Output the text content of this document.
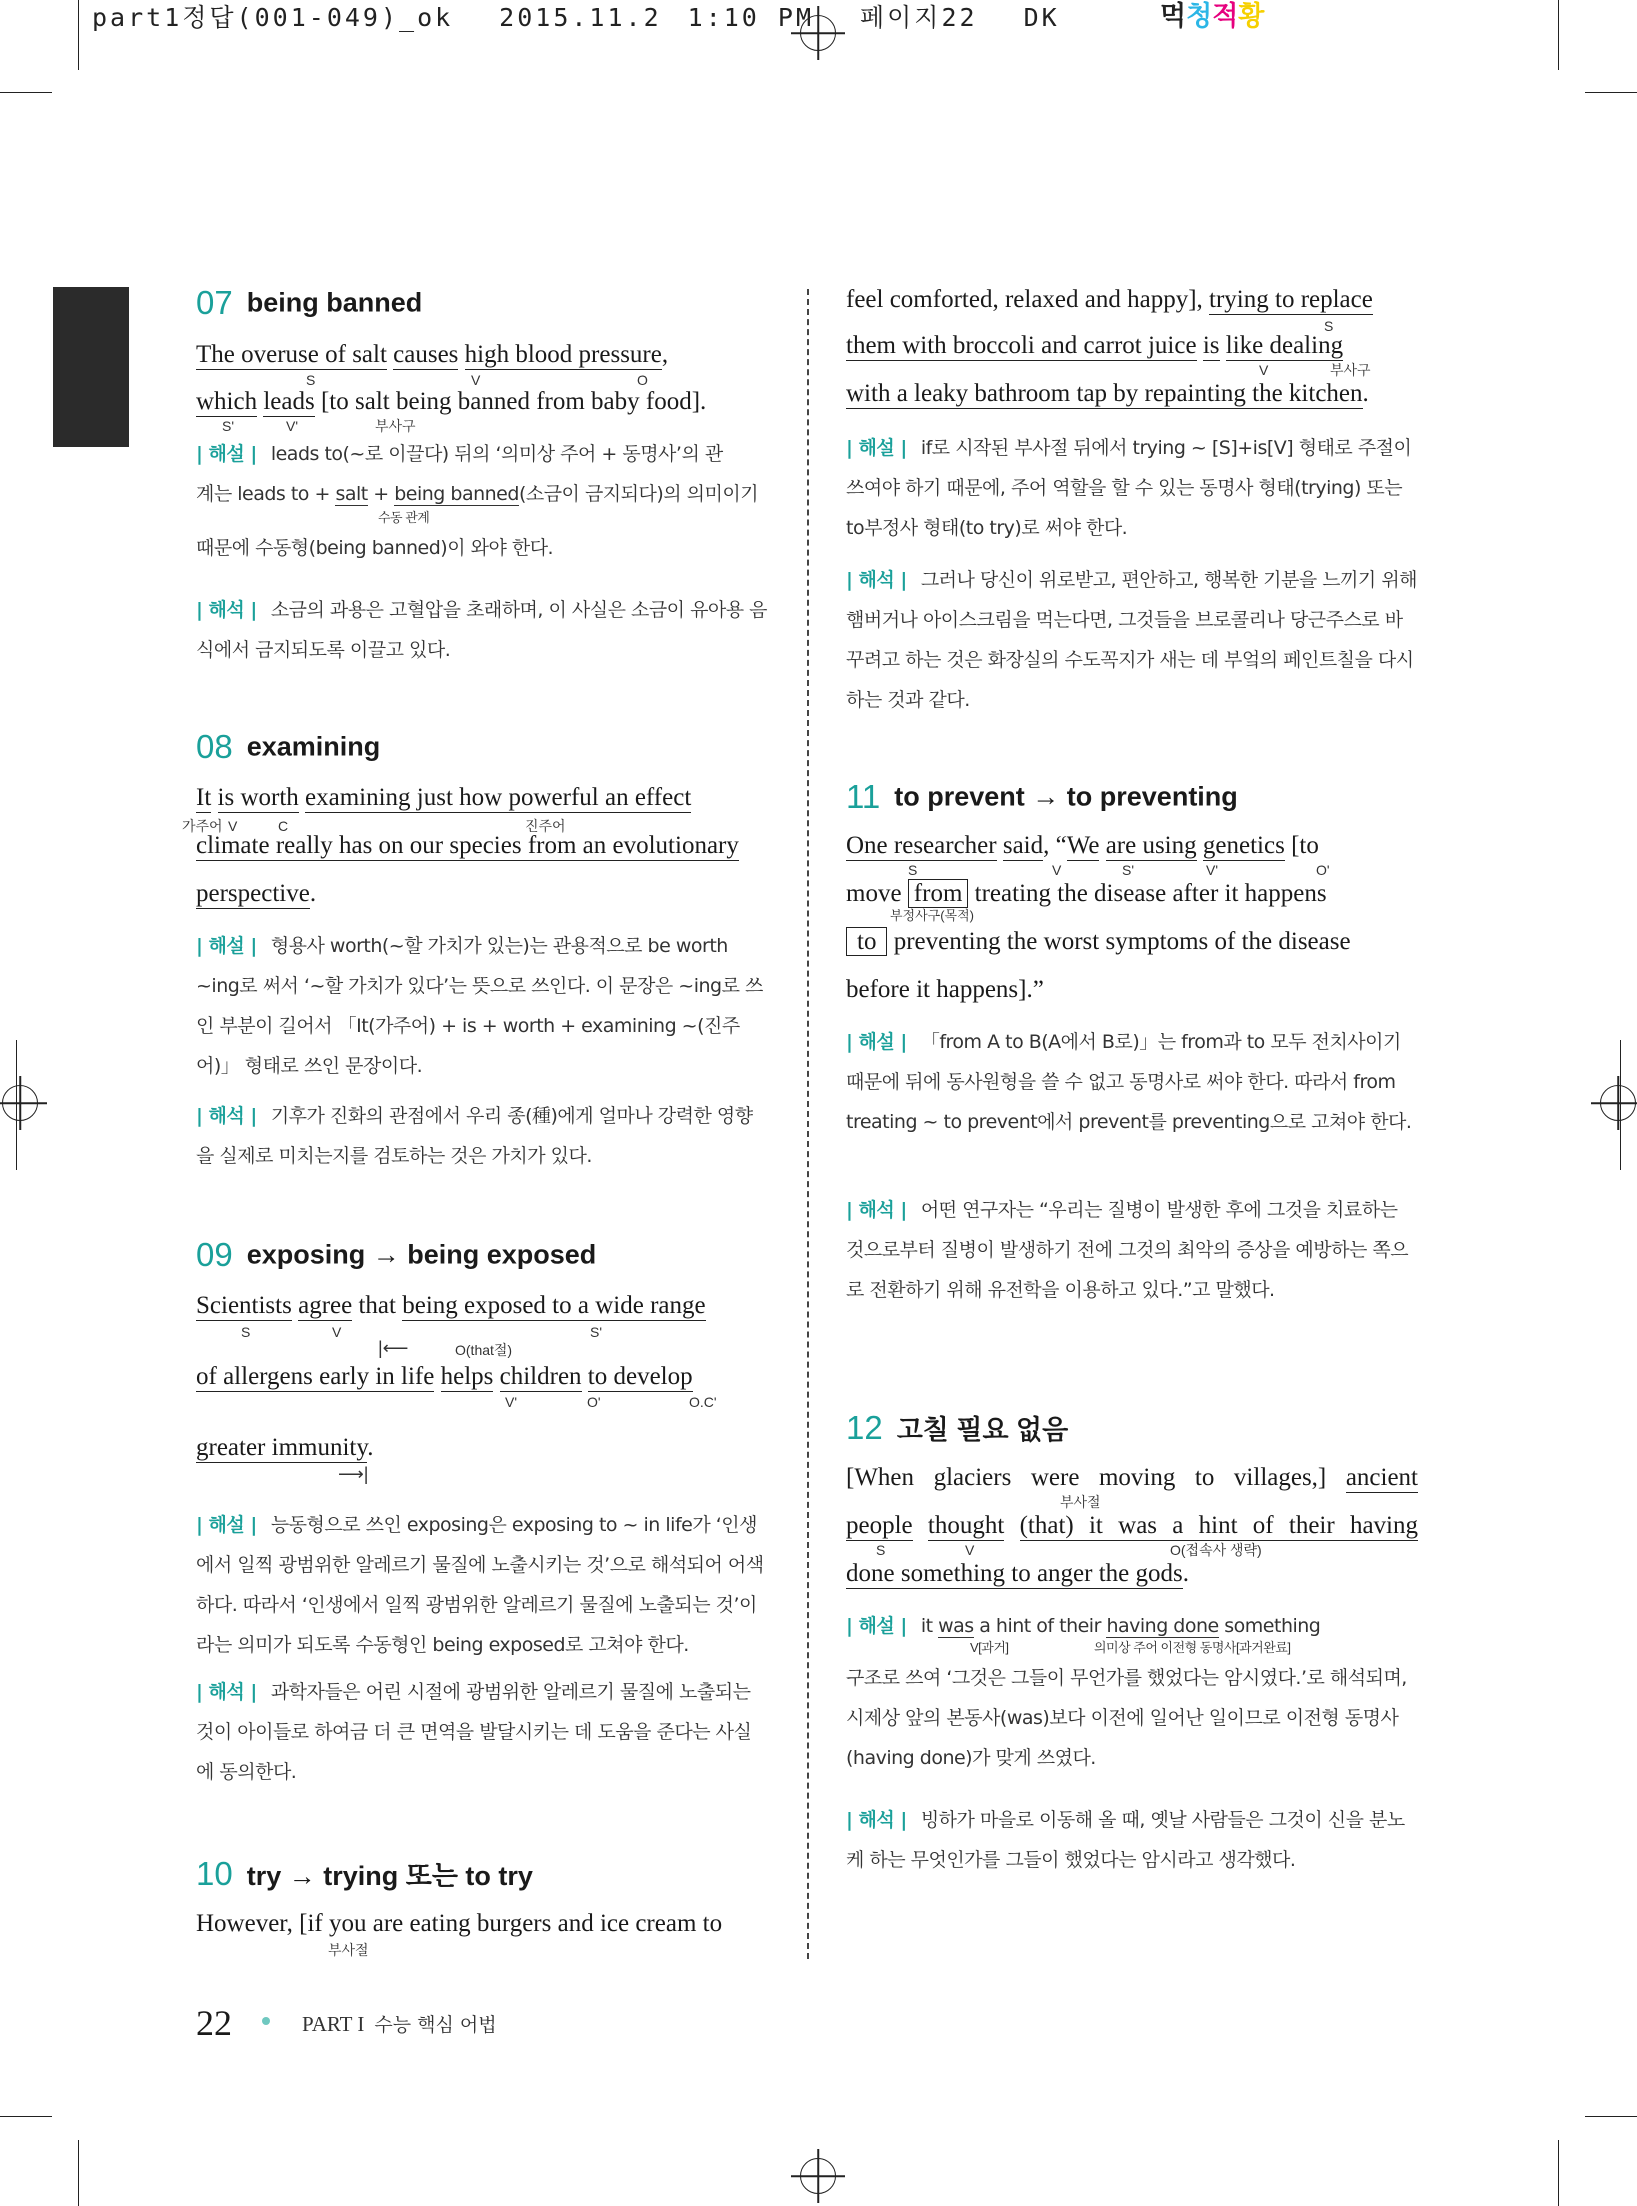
part1정답(001-049)_ok 2015.11.2 1:10 PM 페이지22 DK	먹청적황
07 being banned
The overuse of salt causes high blood pressure,
S	V	O
which leads [to salt being banned from baby food].
S'	V'	부사구
| 해설 | leads to(~로 이끌다) 뒤의 ‘의미상 주어 + 동명사’의 관
계는 leads to + salt + being banned(소금이 금지되다)의 의미이기
수동 관계
때문에 수동형(being banned)이 와야 한다.
| 해석 | 소금의 과용은 고혈압을 초래하며, 이 사실은 소금이 유아용 음식에서 금지되도록 이끌고 있다.
08 examining
It is worth examining just how powerful an effect
가주어 V	C	진주어
climate really has on our species from an evolutionary
perspective.
| 해설 | 형용사 worth(~할 가치가 있는)는 관용적으로 be worth ~ing로 써서 ‘~할 가치가 있다’는 뜻으로 쓰인다. 이 문장은 ~ing로 쓰인 부분이 길어서 「It(가주어) + is + worth + examining ~(진주어)」 형태로 쓰인 문장이다.
| 해석 | 기후가 진화의 관점에서 우리 종(種)에게 얼마나 강력한 영향을 실제로 미치는지를 검토하는 것은 가치가 있다.
09 exposing → being exposed
Scientists agree that being exposed to a wide range
S	V	S'
|⟵	O(that절)
of allergens early in life helps children to develop
V'	O'	O.C'
greater immunity.
⟶|
| 해설 | 능동형으로 쓰인 exposing은 exposing to ~ in life가 ‘인생에서 일찍 광범위한 알레르기 물질에 노출시키는 것’으로 해석되어 어색하다. 따라서 ‘인생에서 일찍 광범위한 알레르기 물질에 노출되는 것’이라는 의미가 되도록 수동형인 being exposed로 고쳐야 한다.
| 해석 | 과학자들은 어린 시절에 광범위한 알레르기 물질에 노출되는 것이 아이들로 하여금 더 큰 면역을 발달시키는 데 도움을 준다는 사실에 동의한다.
10 try → trying 또는 to try
However, [if you are eating burgers and ice cream to
부사절
feel comforted, relaxed and happy], trying to replace
S
them with broccoli and carrot juice is like dealing
V	부사구
with a leaky bathroom tap by repainting the kitchen.
| 해설 | if로 시작된 부사절 뒤에서 trying ~ [S]+is[V] 형태로 주절이 쓰여야 하기 때문에, 주어 역할을 할 수 있는 동명사 형태(trying) 또는 to부정사 형태(to try)로 써야 한다.
| 해석 | 그러나 당신이 위로받고, 편안하고, 행복한 기분을 느끼기 위해 햄버거나 아이스크림을 먹는다면, 그것들을 브로콜리나 당근주스로 바꾸려고 하는 것은 화장실의 수도꼭지가 새는 데 부엌의 페인트칠을 다시 하는 것과 같다.
11 to prevent → to preventing
One researcher said, “We are using genetics [to
S	V	S'	V'	O'
move from treating the disease after it happens
부정사구(목적)
to preventing the worst symptoms of the disease
before it happens].”
| 해설 | 「from A to B(A에서 B로)」는 from과 to 모두 전치사이기 때문에 뒤에 동사원형을 쓸 수 없고 동명사로 써야 한다. 따라서 from treating ~ to prevent에서 prevent를 preventing으로 고쳐야 한다.
| 해석 | 어떤 연구자는 “우리는 질병이 발생한 후에 그것을 치료하는 것으로부터 질병이 발생하기 전에 그것의 최악의 증상을 예방하는 쪽으로 전환하기 위해 유전학을 이용하고 있다.”고 말했다.
12 고칠 필요 없음
[When glaciers were moving to villages,] ancient
부사절
people thought (that) it was a hint of their having
S	V	O(접속사 생략)
done something to anger the gods.
| 해설 | it was a hint of their having done something
V[과거]	의미상 주어 이전형 동명사[과거완료]
구조로 쓰여 ‘그것은 그들이 무언가를 했었다는 암시였다.’로 해석되며, 시제상 앞의 본동사(was)보다 이전에 일어난 일이므로 이전형 동명사(having done)가 맞게 쓰였다.
| 해석 | 빙하가 마을로 이동해 올 때, 옛날 사람들은 그것이 신을 분노케 하는 무엇인가를 그들이 했었다는 암시라고 생각했다.
22	PART I 수능 핵심 어법
